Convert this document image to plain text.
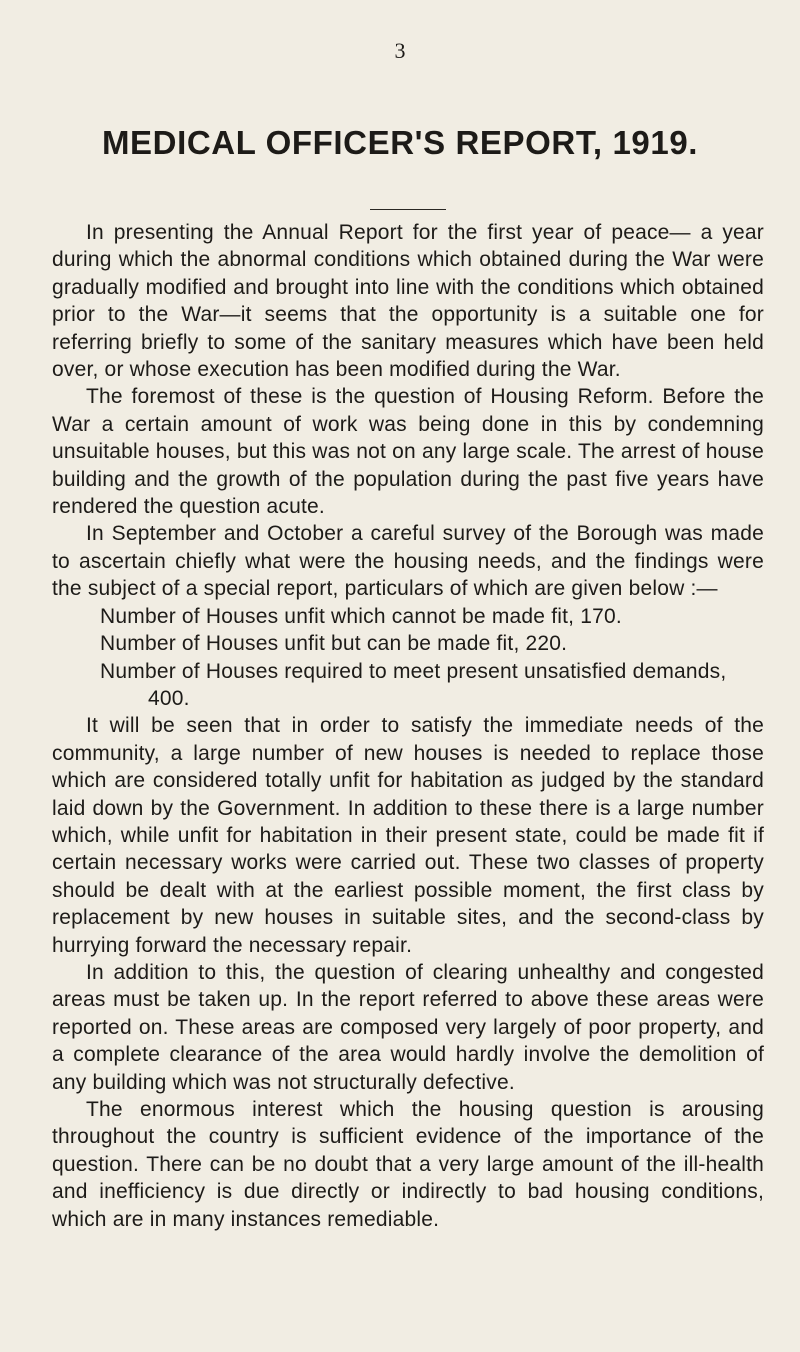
3

MEDICAL OFFICER'S REPORT, 1919.

In presenting the Annual Report for the first year of peace— a year during which the abnormal conditions which obtained during the War were gradually modified and brought into line with the conditions which obtained prior to the War—it seems that the opportunity is a suitable one for referring briefly to some of the sanitary measures which have been held over, or whose execution has been modified during the War.

The foremost of these is the question of Housing Reform. Before the War a certain amount of work was being done in this by condemning unsuitable houses, but this was not on any large scale. The arrest of house building and the growth of the population during the past five years have rendered the question acute.

In September and October a careful survey of the Borough was made to ascertain chiefly what were the housing needs, and the findings were the subject of a special report, particulars of which are given below :—

Number of Houses unfit which cannot be made fit, 170.
Number of Houses unfit but can be made fit, 220.
Number of Houses required to meet present unsatisfied demands, 400.

It will be seen that in order to satisfy the immediate needs of the community, a large number of new houses is needed to replace those which are considered totally unfit for habitation as judged by the standard laid down by the Government. In addition to these there is a large number which, while unfit for habitation in their present state, could be made fit if certain necessary works were carried out. These two classes of property should be dealt with at the earliest possible moment, the first class by replacement by new houses in suitable sites, and the second-class by hurrying forward the necessary repair.

In addition to this, the question of clearing unhealthy and congested areas must be taken up. In the report referred to above these areas were reported on. These areas are composed very largely of poor property, and a complete clearance of the area would hardly involve the demolition of any building which was not structurally defective.

The enormous interest which the housing question is arousing throughout the country is sufficient evidence of the importance of the question. There can be no doubt that a very large amount of the ill-health and inefficiency is due directly or indirectly to bad housing conditions, which are in many instances remediable.
